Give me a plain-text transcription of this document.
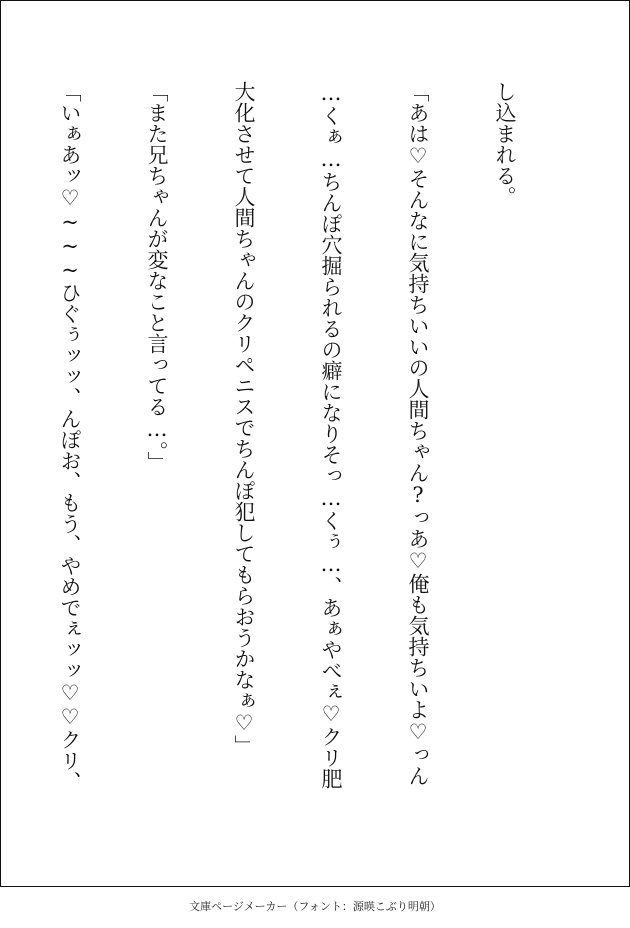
し込まれる。

「あは♡そんなに気持ちいいの人間ちゃん?っあ♡俺も気持ちいよ♡っん

…くぁ…ちんぽ穴掘られるの癖になりそっ…くぅ…、あぁやべぇ♡クリ肥

大化させて人間ちゃんのクリペニスでちんぽ犯してもらおうかなぁ♡」

「また兄ちゃんが変なこと言ってる…。」

「いぁあッ♡~~~ひぐぅッッ、んぽお、もう、やめでぇッッ♡♡クリ、

文庫ページメーカー（フォント：源暎こぶり明朝）
